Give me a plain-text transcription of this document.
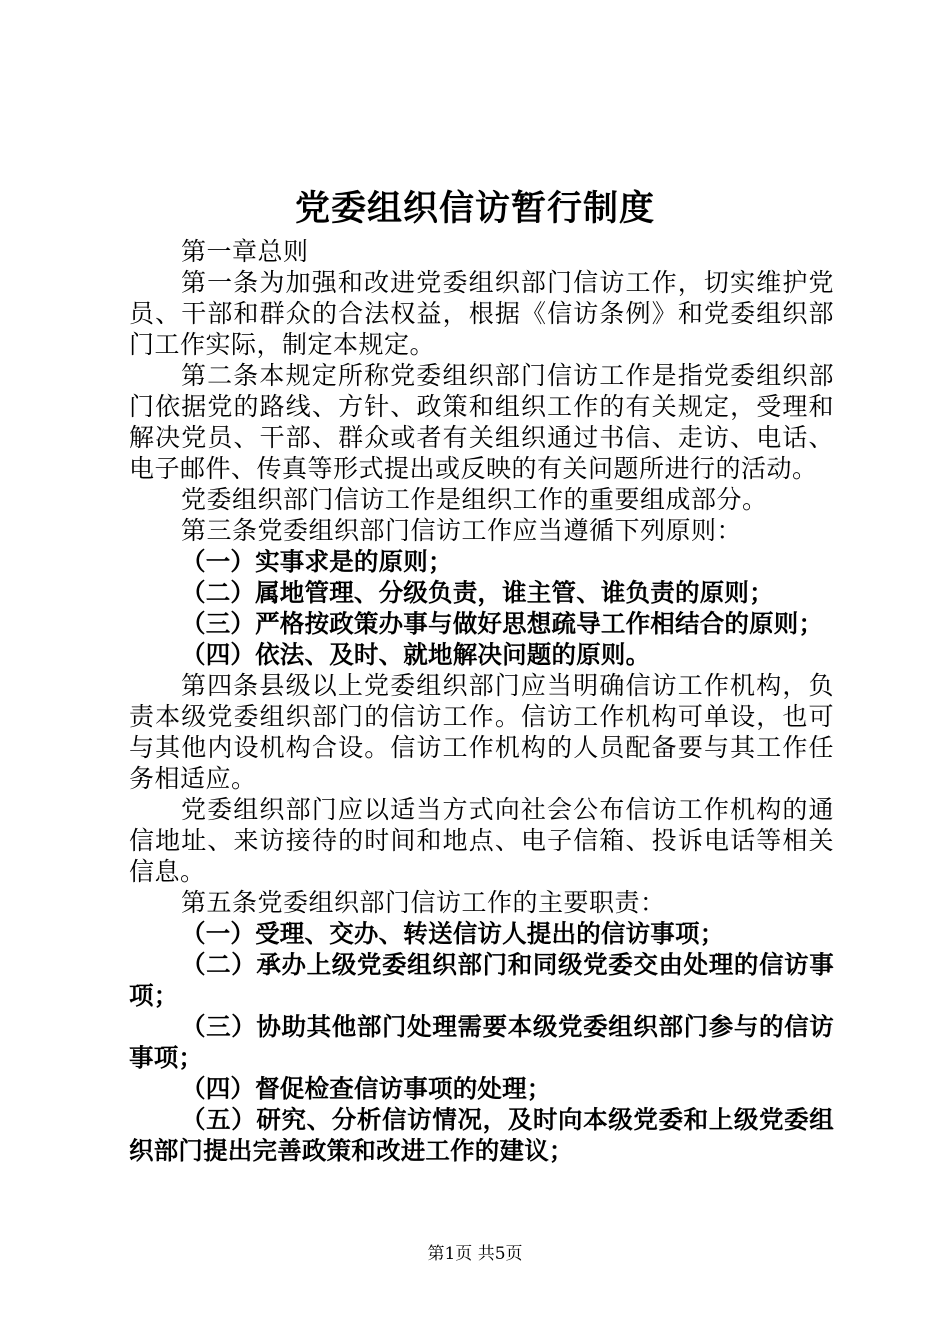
党委组织信访暂行制度

第一章总则

第一条为加强和改进党委组织部门信访工作，切实维护党员、干部和群众的合法权益，根据《信访条例》和党委组织部门工作实际，制定本规定。

第二条本规定所称党委组织部门信访工作是指党委组织部门依据党的路线、方针、政策和组织工作的有关规定，受理和解决党员、干部、群众或者有关组织通过书信、走访、电话、电子邮件、传真等形式提出或反映的有关问题所进行的活动。

党委组织部门信访工作是组织工作的重要组成部分。

第三条党委组织部门信访工作应当遵循下列原则：

（一）实事求是的原则；

（二）属地管理、分级负责，谁主管、谁负责的原则；

（三）严格按政策办事与做好思想疏导工作相结合的原则；

（四）依法、及时、就地解决问题的原则。

第四条县级以上党委组织部门应当明确信访工作机构，负责本级党委组织部门的信访工作。信访工作机构可单设，也可与其他内设机构合设。信访工作机构的人员配备要与其工作任务相适应。

党委组织部门应以适当方式向社会公布信访工作机构的通信地址、来访接待的时间和地点、电子信箱、投诉电话等相关信息。

第五条党委组织部门信访工作的主要职责：

（一）受理、交办、转送信访人提出的信访事项；

（二）承办上级党委组织部门和同级党委交由处理的信访事项；

（三）协助其他部门处理需要本级党委组织部门参与的信访事项；

（四）督促检查信访事项的处理；

（五）研究、分析信访情况，及时向本级党委和上级党委组织部门提出完善政策和改进工作的建议；

第1页 共5页
